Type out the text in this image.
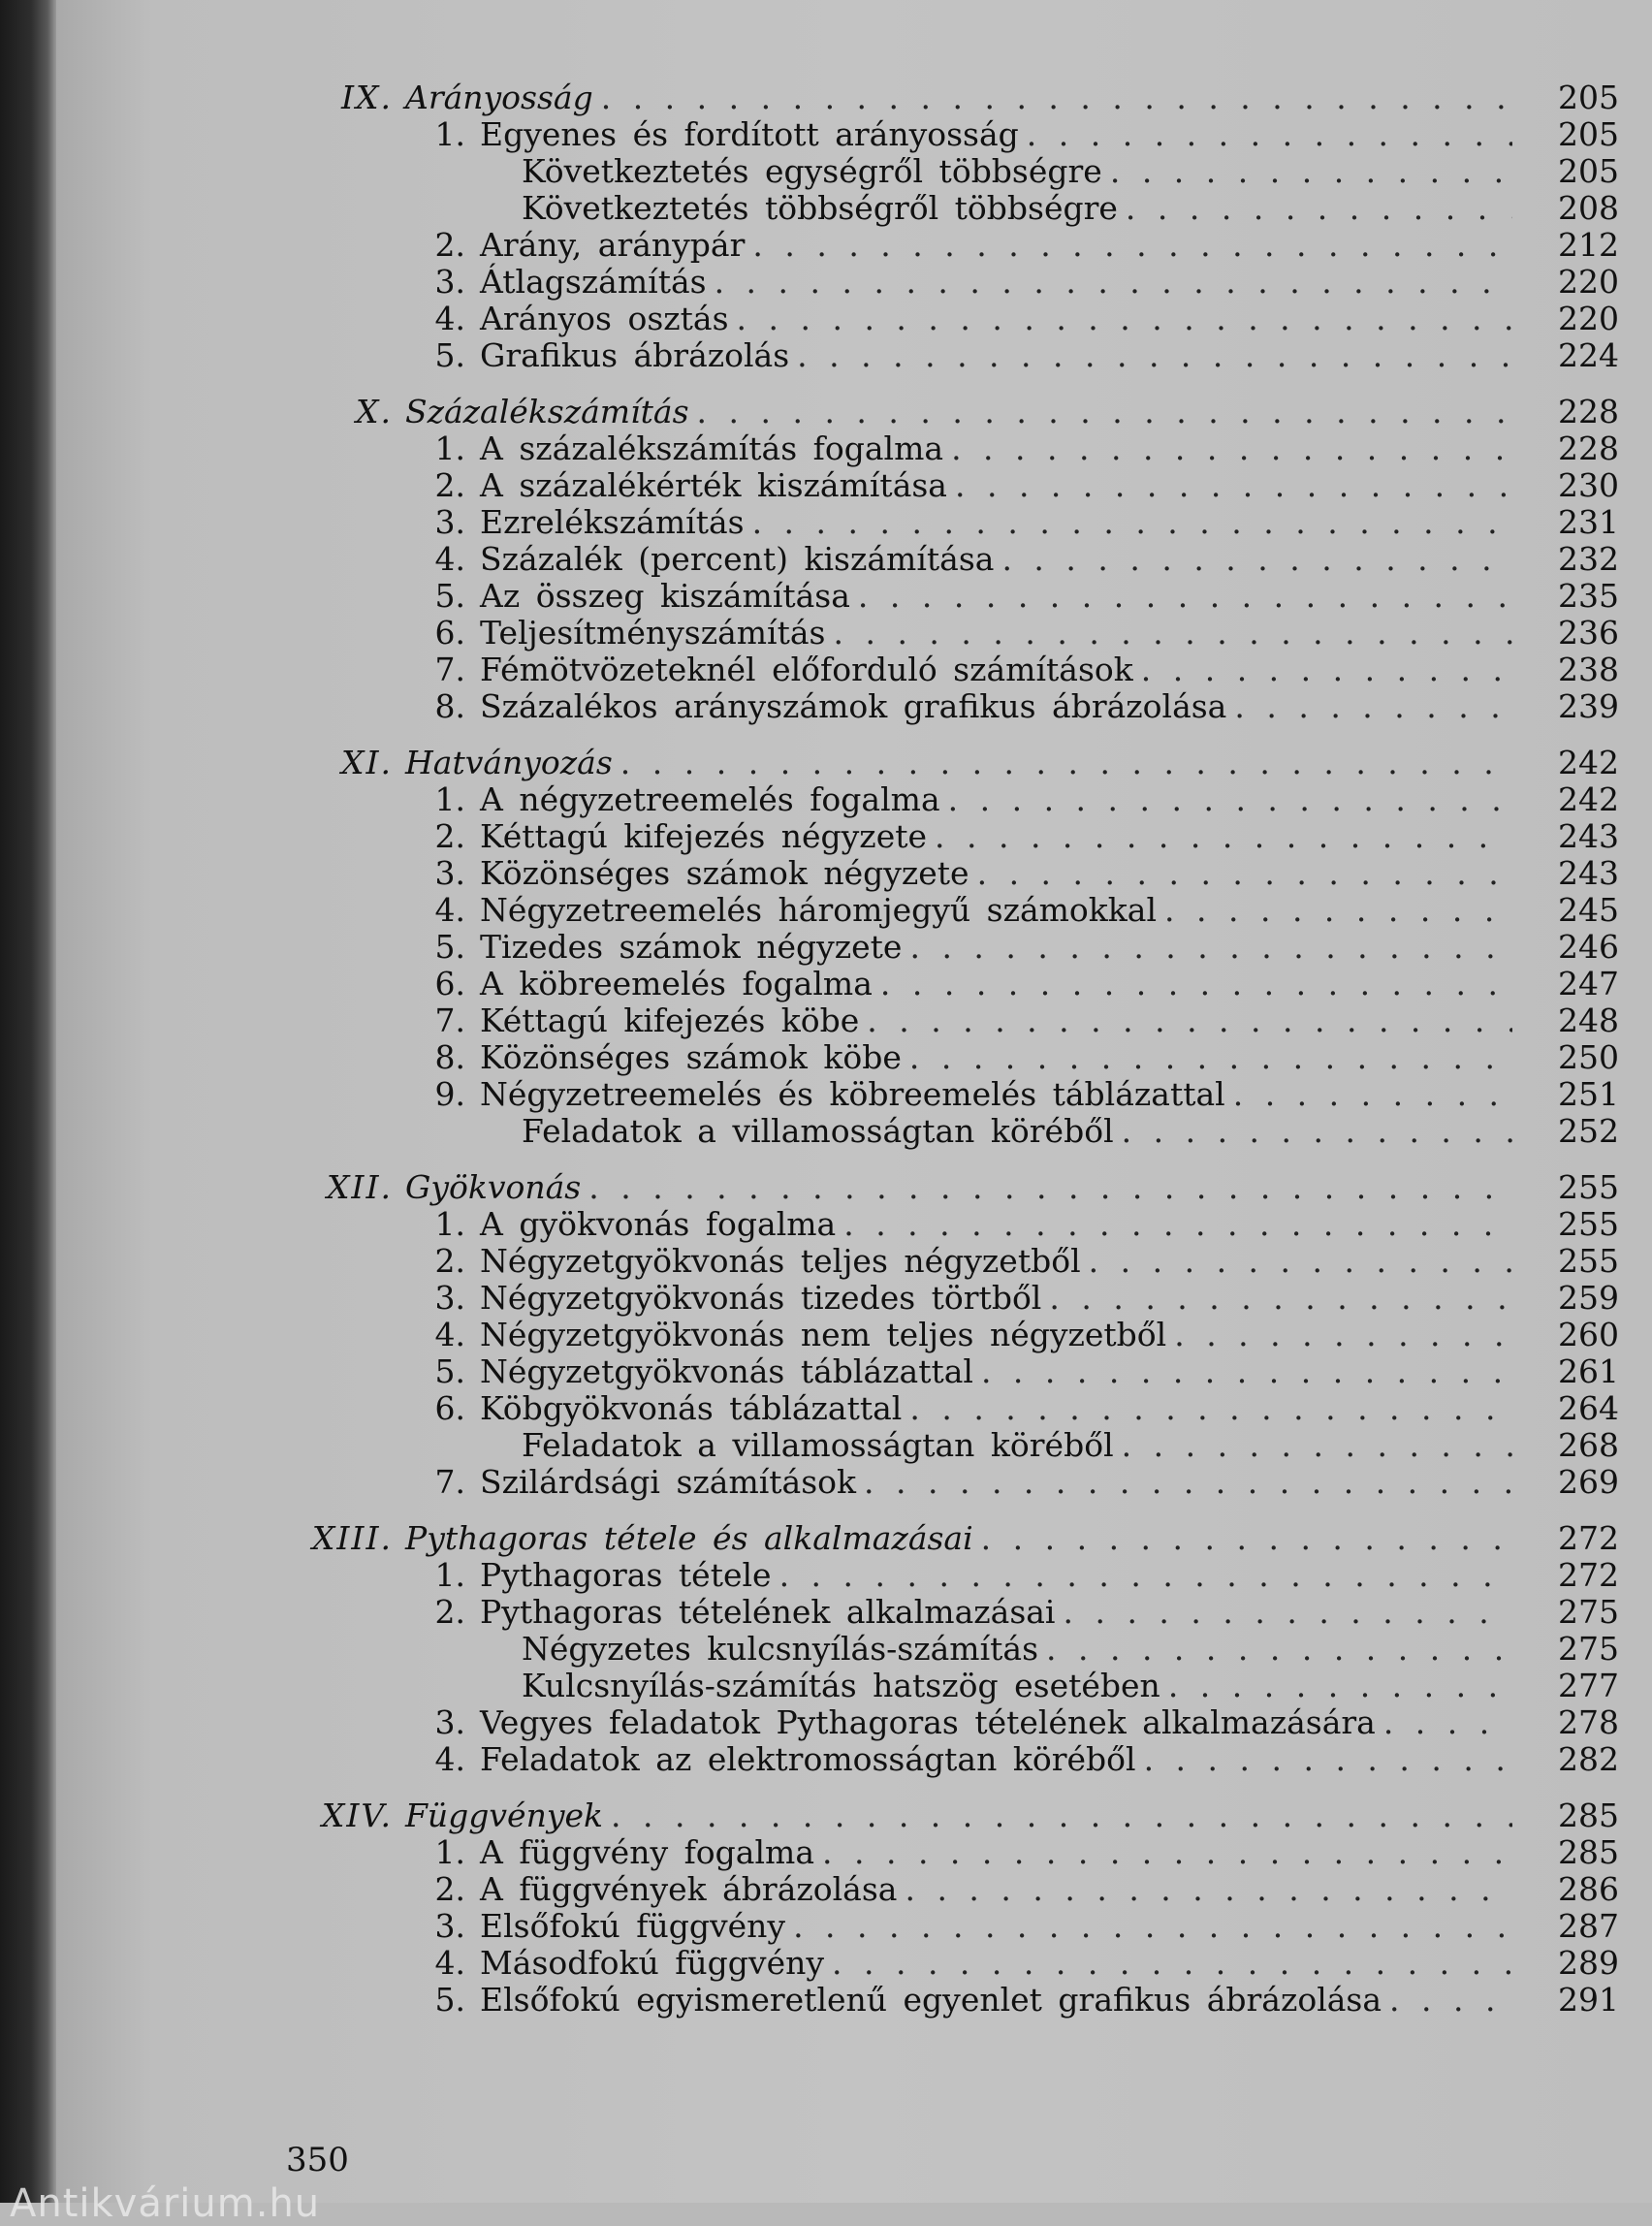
IX. Arányosság . . .	205
1. Egyenes és fordított arányosság . . .	205
Következtetés egységről többségre . . .	205
Következtetés többségről többségre . . .	208
2. Arány, aránypár . . .	212
3. Átlagszámítás . . .	220
4. Arányos osztás . . .	220
5. Grafikus ábrázolás . . .	224
X. Százalékszámítás . . .	228
1. A százalékszámítás fogalma . . .	228
2. A százalékérték kiszámítása . . .	230
3. Ezrelékszámítás . . .	231
4. Százalék (percent) kiszámítása . . .	232
5. Az összeg kiszámítása . . .	235
6. Teljesítményszámítás . . .	236
7. Fémötvözeteknél előforduló számítások . . .	238
8. Százalékos arányszámok grafikus ábrázolása . . .	239
XI. Hatványozás . . .	242
1. A négyzetreemelés fogalma . . .	242
2. Kéttagú kifejezés négyzete . . .	243
3. Közönséges számok négyzete . . .	243
4. Négyzetreemelés háromjegyű számokkal . . .	245
5. Tizedes számok négyzete . . .	246
6. A köbreemelés fogalma . . .	247
7. Kéttagú kifejezés köbe . . .	248
8. Közönséges számok köbe . . .	250
9. Négyzetreemelés és köbreemelés táblázattal . . .	251
Feladatok a villamosságtan köréből . . .	252
XII. Gyökvonás . . .	255
1. A gyökvonás fogalma . . .	255
2. Négyzetgyökvonás teljes négyzetből . . .	255
3. Négyzetgyökvonás tizedes törtből . . .	259
4. Négyzetgyökvonás nem teljes négyzetből . . .	260
5. Négyzetgyökvonás táblázattal . . .	261
6. Köbgyökvonás táblázattal . . .	264
Feladatok a villamosságtan köréből . . .	268
7. Szilárdsági számítások . . .	269
XIII. Pythagoras tétele és alkalmazásai . . .	272
1. Pythagoras tétele . . .	272
2. Pythagoras tételének alkalmazásai . . .	275
Négyzetes kulcsnyílás-számítás . . .	275
Kulcsnyílás-számítás hatszög esetében . . .	277
3. Vegyes feladatok Pythagoras tételének alkalmazására . . .	278
4. Feladatok az elektromosságtan köréből . . .	282
XIV. Függvények . . .	285
1. A függvény fogalma . . .	285
2. A függvények ábrázolása . . .	286
3. Elsőfokú függvény . . .	287
4. Másodfokú függvény . . .	289
5. Elsőfokú egyismeretlenű egyenlet grafikus ábrázolása . . .	291
350
Antikvárium.hu
